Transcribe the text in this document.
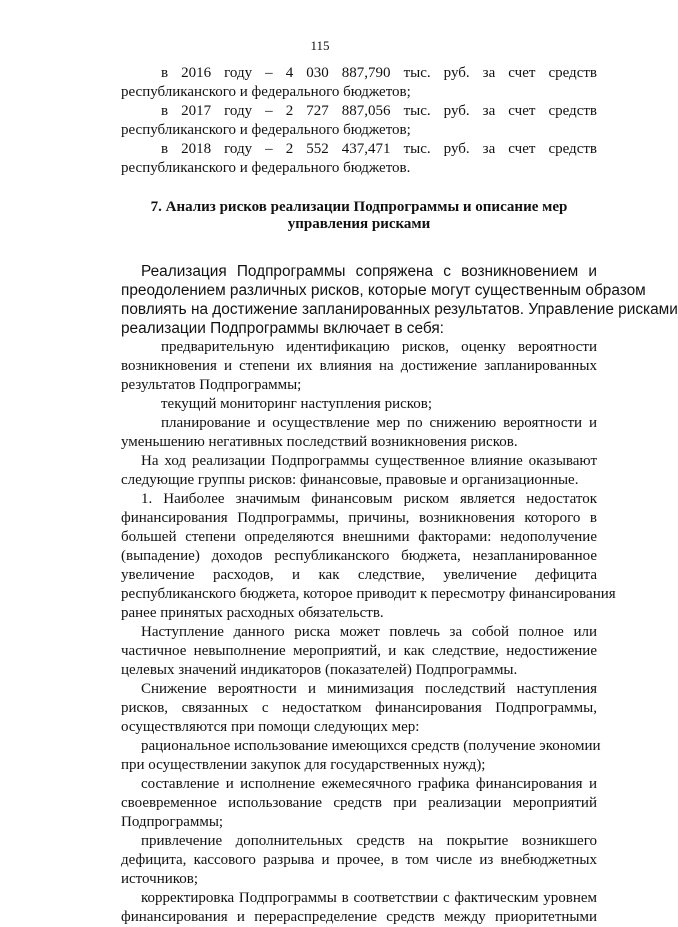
115
в 2016 году – 4 030 887,790 тыс. руб. за счет средств
республиканского и федерального бюджетов;
в 2017 году – 2 727 887,056 тыс. руб. за счет средств
республиканского и федерального бюджетов;
в 2018 году – 2 552 437,471 тыс. руб. за счет средств
республиканского и федерального бюджетов.
7. Анализ рисков реализации Подпрограммы и описание мер
управления рисками
Реализация Подпрограммы сопряжена с возникновением и
преодолением различных рисков, которые могут существенным образом
повлиять на достижение запланированных результатов. Управление рисками
реализации Подпрограммы включает в себя:
предварительную идентификацию рисков, оценку вероятности
возникновения и степени их влияния на достижение запланированных
результатов Подпрограммы;
текущий мониторинг наступления рисков;
планирование и осуществление мер по снижению вероятности и
уменьшению негативных последствий возникновения рисков.
На ход реализации Подпрограммы существенное влияние оказывают
следующие группы рисков: финансовые, правовые и организационные.
1. Наиболее значимым финансовым риском является недостаток
финансирования Подпрограммы, причины, возникновения которого в
большей степени определяются внешними факторами: недополучение
(выпадение) доходов республиканского бюджета, незапланированное
увеличение расходов, и как следствие, увеличение дефицита
республиканского бюджета, которое приводит к пересмотру финансирования
ранее принятых расходных обязательств.
Наступление данного риска может повлечь за собой полное или
частичное невыполнение мероприятий, и как следствие, недостижение
целевых значений индикаторов (показателей) Подпрограммы.
Снижение вероятности и минимизация последствий наступления
рисков, связанных с недостатком финансирования Подпрограммы,
осуществляются при помощи следующих мер:
рациональное использование имеющихся средств (получение экономии
при осуществлении закупок для государственных нужд);
составление и исполнение ежемесячного графика финансирования и
своевременное использование средств при реализации мероприятий
Подпрограммы;
привлечение дополнительных средств на покрытие возникшего
дефицита, кассового разрыва и прочее, в том числе из внебюджетных
источников;
корректировка Подпрограммы в соответствии с фактическим уровнем
финансирования и перераспределение средств между приоритетными
